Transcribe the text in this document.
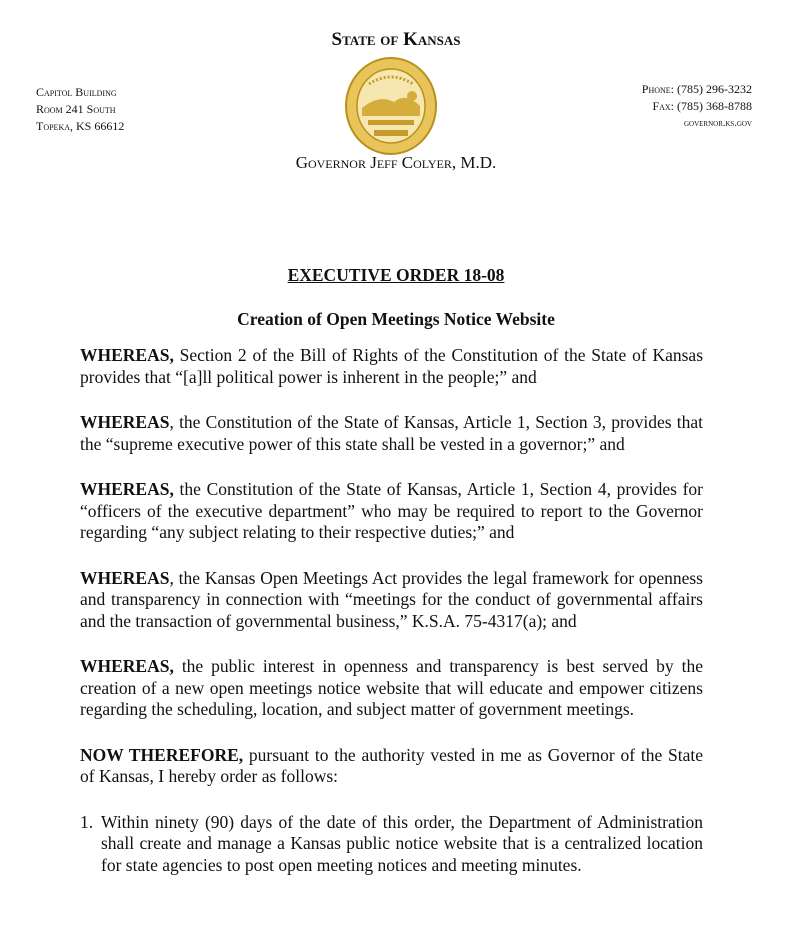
State of Kansas
Governor Jeff Colyer, M.D.
Capitol Building
Room 241 South
Topeka, KS 66612
Phone: (785) 296-3232
Fax: (785) 368-8788
governor.ks.gov
EXECUTIVE ORDER 18-08
Creation of Open Meetings Notice Website

WHEREAS, Section 2 of the Bill of Rights of the Constitution of the State of Kansas provides that “[a]ll political power is inherent in the people;” and

WHEREAS, the Constitution of the State of Kansas, Article 1, Section 3, provides that the “supreme executive power of this state shall be vested in a governor;” and

WHEREAS, the Constitution of the State of Kansas, Article 1, Section 4, provides for “officers of the executive department” who may be required to report to the Governor regarding “any subject relating to their respective duties;” and

WHEREAS, the Kansas Open Meetings Act provides the legal framework for openness and transparency in connection with “meetings for the conduct of governmental affairs and the transaction of governmental business,” K.S.A. 75-4317(a); and

WHEREAS, the public interest in openness and transparency is best served by the creation of a new open meetings notice website that will educate and empower citizens regarding the scheduling, location, and subject matter of government meetings.

NOW THEREFORE, pursuant to the authority vested in me as Governor of the State of Kansas, I hereby order as follows:

1. Within ninety (90) days of the date of this order, the Department of Administration shall create and manage a Kansas public notice website that is a centralized location for state agencies to post open meeting notices and meeting minutes.
